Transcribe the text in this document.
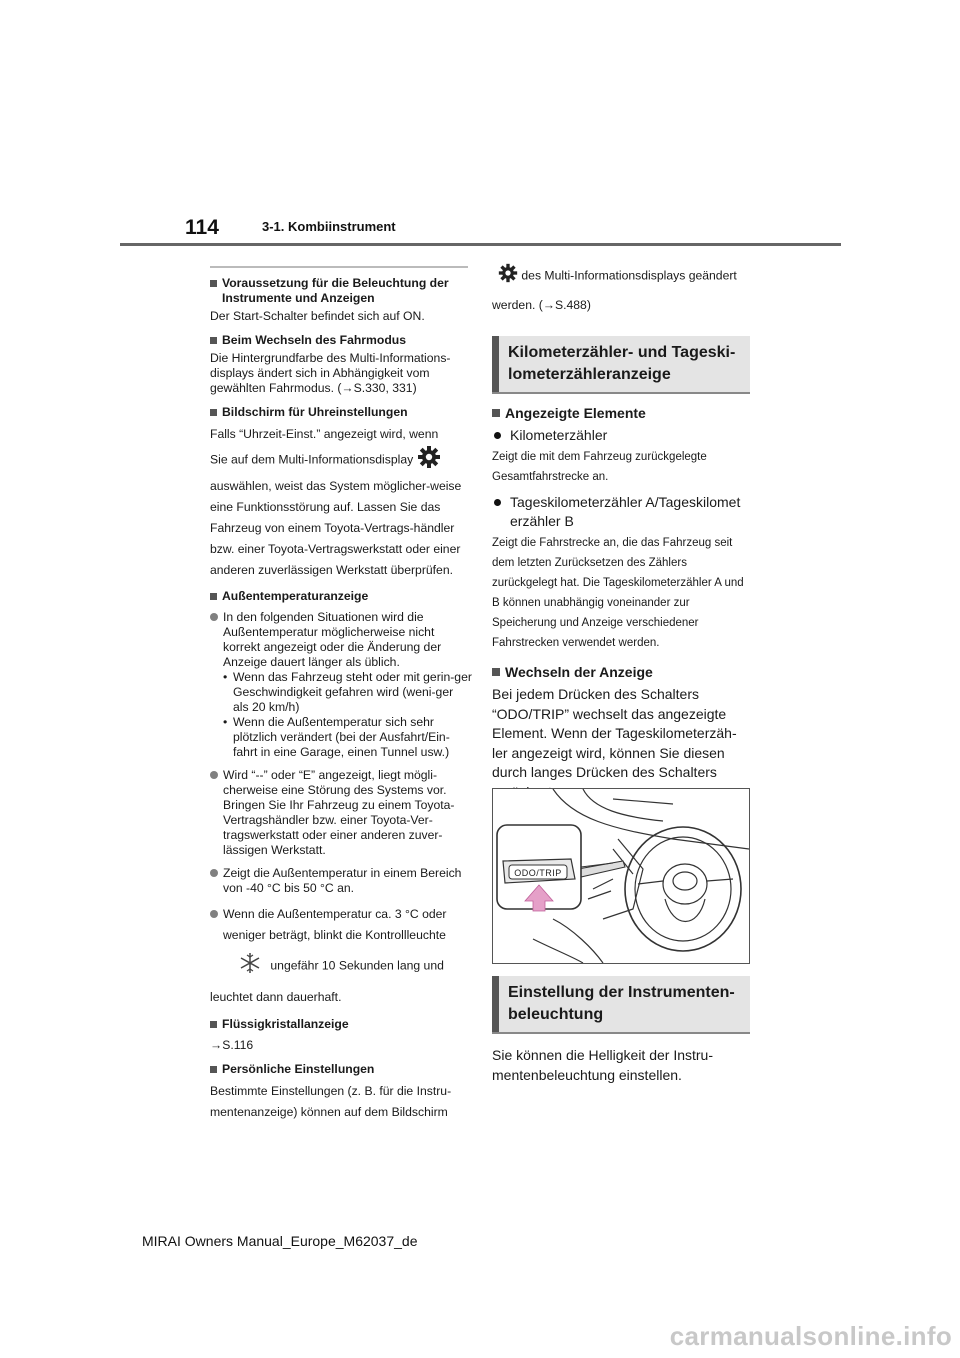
114	3-1. Kombiinstrument
Voraussetzung für die Beleuchtung der Instrumente und Anzeigen
Der Start-Schalter befindet sich auf ON.
Beim Wechseln des Fahrmodus
Die Hintergrundfarbe des Multi-Informations-displays ändert sich in Abhängigkeit vom gewählten Fahrmodus. (→S.330, 331)
Bildschirm für Uhreinstellungen
Falls “Uhrzeit-Einst.” angezeigt wird, wenn
Sie auf dem Multi-Informationsdisplay
auswählen, weist das System möglicher-weise eine Funktionsstörung auf. Lassen Sie das Fahrzeug von einem Toyota-Vertrags-händler bzw. einer Toyota-Vertragswerkstatt oder einer anderen zuverlässigen Werkstatt überprüfen.
Außentemperaturanzeige
In den folgenden Situationen wird die Außentemperatur möglicherweise nicht korrekt angezeigt oder die Änderung der Anzeige dauert länger als üblich.
• Wenn das Fahrzeug steht oder mit gerin-ger Geschwindigkeit gefahren wird (weni-ger als 20 km/h)
• Wenn die Außentemperatur sich sehr plötzlich verändert (bei der Ausfahrt/Ein-fahrt in eine Garage, einen Tunnel usw.)
Wird “--” oder “E” angezeigt, liegt mögli-cherweise eine Störung des Systems vor. Bringen Sie Ihr Fahrzeug zu einem Toyota-Vertragshändler bzw. einer Toyota-Ver-tragswerkstatt oder einer anderen zuver-lässigen Werkstatt.
Zeigt die Außentemperatur in einem Bereich von -40 °C bis 50 °C an.
Wenn die Außentemperatur ca. 3 °C oder weniger beträgt, blinkt die Kontrollleuchte
ungefähr 10 Sekunden lang und
leuchtet dann dauerhaft.
Flüssigkristallanzeige
→S.116
Persönliche Einstellungen
Bestimmte Einstellungen (z. B. für die Instru-mentenanzeige) können auf dem Bildschirm
des Multi-Informationsdisplays geändert
werden. (→S.488)
Kilometerzähler- und Tageski-lometerzähleranzeige
Angezeigte Elemente
Kilometerzähler
Zeigt die mit dem Fahrzeug zurückgelegte Gesamtfahrstrecke an.
Tageskilometerzähler A/Tageskilomet erzähler B
Zeigt die Fahrstrecke an, die das Fahrzeug seit dem letzten Zurücksetzen des Zählers zurückgelegt hat. Die Tageskilometerzähler A und B können unabhängig voneinander zur Speicherung und Anzeige verschiedener Fahrstrecken verwendet werden.
Wechseln der Anzeige
Bei jedem Drücken des Schalters “ODO/TRIP” wechselt das angezeigte Element. Wenn der Tageskilometerzäh-ler angezeigt wird, können Sie diesen durch langes Drücken des Schalters
ODO/TRIP
Einstellung der Instrumenten-beleuchtung
Sie können die Helligkeit der Instru-mentenbeleuchtung einstellen.
MIRAI Owners Manual_Europe_M62037_de
carmanualsonline.info
